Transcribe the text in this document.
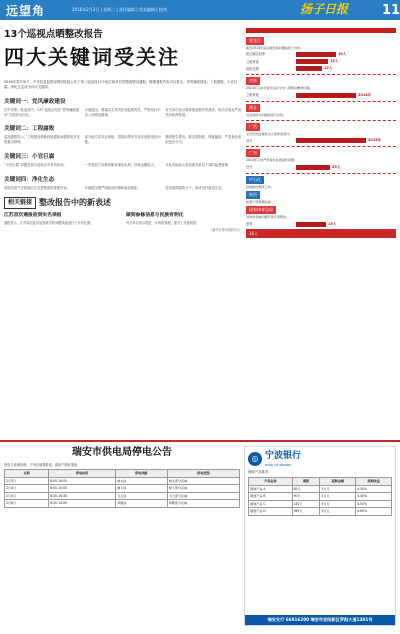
远望角	2016年2月2日 | 星期二 | 责任编辑 | 美术编辑 | 校对	扬子日报	11
13个巡视点晒整改报告
四大关键词受关注
2016年春节前夕，中央纪委监察部网站陆续公布了第八轮巡视13个地方和单位的整改情况通报。梳理通报内容可以看出，党风廉政建设、工程腐败、小官巨腐、净化生态成为四大关键词。
关键词一：党风廉政建设

在中央第二批巡视中，13个巡视点均在“党风廉政建设”方面作出回应。

多地提出，要落实主体责任和监督责任，严格执行中央八项规定精神。

有关单位表示将持续加强作风建设，推动全面从严治党向纵深发展。

关键词二：工程腐败

巡视通报显示，工程建设领域仍是腐败问题易发多发的重点领域。

部分地方在项目审批、招投标等环节存在违规违纪问题。

整改报告提出，要完善制度，堵塞漏洞，严肃查处违纪违法行为。

关键词三：小官巨腐

“小官巨腐”问题在部分巡视点中有所体现。	一些基层干部利用职权谋取私利，涉案金额较大。	对此各地表示将加强对基层干部的监督管理。

关键词四：净化生态

营造风清气正的政治生态是整改的重要内容。	多地提出要严明政治纪律和政治规矩。	坚决清除腐败分子，形成良好政治生态。

相关链接 整改报告中的新表述
江苏首次通报收到实名举报

通报显示，江苏省纪委对巡视移交的问题线索进行了分类处置。

做到参修信息与民族有明化

有关单位表示将进一步规范管理，提升工作透明度。

（新华社等/本报综合）
黑龙江
截至2015年底巡视发现问题线索已办结。
违反廉洁纪律	19人
立案审查	15人
组织处理	12人
吉林
2014年以来共查处违反中央八项规定精神问题。
立案审查	2014年
湖北
对巡视移交问题线索已办结。
广西
全区纪检监察机关立案审查案件。
处分	2015年
广东
2014年以来严肃查处各类违纪问题。
处分	25人
中石化
持续推进整改工作。
陕西
加强干部管理监督。
国家体育总局
对体育领域问题开展专项整治。
违规	15人
16人
瑞安市供电局停电公告
因电力设施检修，下列区域将停电，请用户做好准备。
日期	停电时段	停电线路	停电范围
2月3日	8:00-16:00	城关线	城关部分区域
2月4日	8:00-15:00	塘下线	塘下部分区域
2月5日	8:30-16:30	飞云线	飞云部分区域
2月6日	8:00-14:00	莘塍线	莘塍部分区域
◎ 宁波银行
BANK OF NINGBO
理财产品推荐
产品名称	期限	起购金额	预期收益
理财产品 A	62天	5万元	4.30%
理财产品 B	90天	5万元	4.40%
理财产品 C	181天	5万元	4.50%
理财产品 D	365天	5万元	4.60%
瑞安支行 66816200 瑞安市安阳新区罗阳大道1301号
